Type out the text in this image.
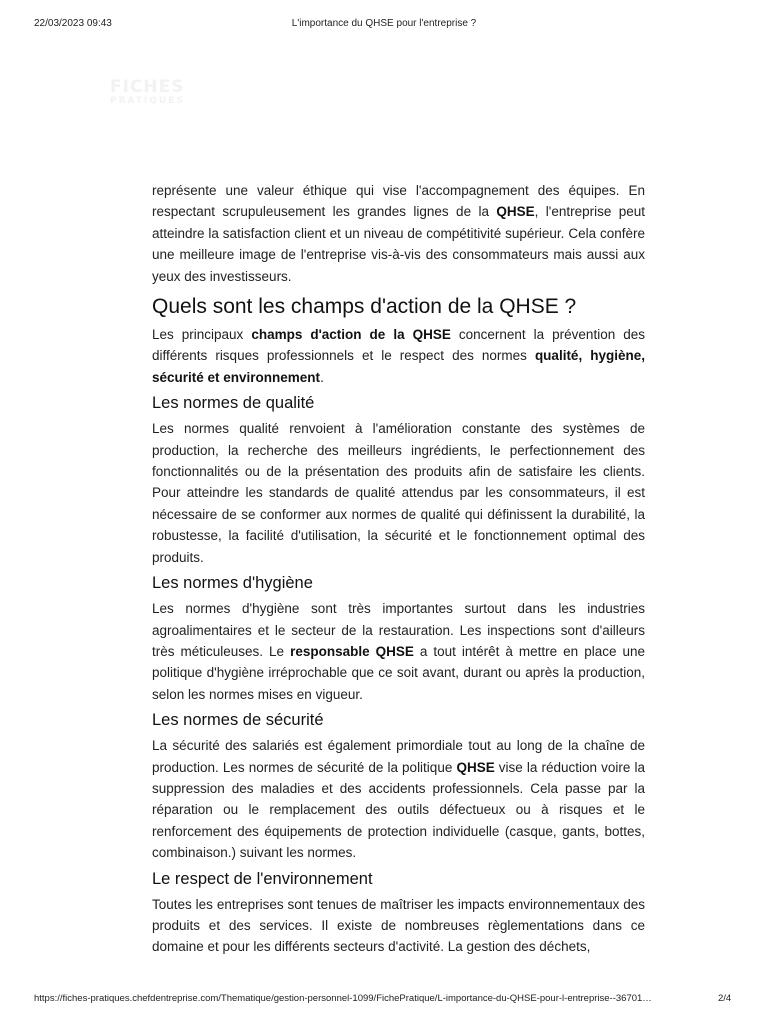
22/03/2023 09:43	L'importance du QHSE pour l'entreprise ?
FICHES
PRATIQUES

représente une valeur éthique qui vise l'accompagnement des équipes. En respectant scrupuleusement les grandes lignes de la QHSE, l'entreprise peut atteindre la satisfaction client et un niveau de compétitivité supérieur. Cela confère une meilleure image de l'entreprise vis-à-vis des consommateurs mais aussi aux yeux des investisseurs.

Quels sont les champs d'action de la QHSE ?

Les principaux champs d'action de la QHSE concernent la prévention des différents risques professionnels et le respect des normes qualité, hygiène, sécurité et environnement.

Les normes de qualité

Les normes qualité renvoient à l'amélioration constante des systèmes de production, la recherche des meilleurs ingrédients, le perfectionnement des fonctionnalités ou de la présentation des produits afin de satisfaire les clients. Pour atteindre les standards de qualité attendus par les consommateurs, il est nécessaire de se conformer aux normes de qualité qui définissent la durabilité, la robustesse, la facilité d'utilisation, la sécurité et le fonctionnement optimal des produits.

Les normes d'hygiène

Les normes d'hygiène sont très importantes surtout dans les industries agroalimentaires et le secteur de la restauration. Les inspections sont d'ailleurs très méticuleuses. Le responsable QHSE a tout intérêt à mettre en place une politique d'hygiène irréprochable que ce soit avant, durant ou après la production, selon les normes mises en vigueur.

Les normes de sécurité

La sécurité des salariés est également primordiale tout au long de la chaîne de production. Les normes de sécurité de la politique QHSE vise la réduction voire la suppression des maladies et des accidents professionnels. Cela passe par la réparation ou le remplacement des outils défectueux ou à risques et le renforcement des équipements de protection individuelle (casque, gants, bottes, combinaison.) suivant les normes.

Le respect de l'environnement

Toutes les entreprises sont tenues de maîtriser les impacts environnementaux des produits et des services. Il existe de nombreuses règlementations dans ce domaine et pour les différents secteurs d'activité. La gestion des déchets,

https://fiches-pratiques.chefdentreprise.com/Thematique/gestion-personnel-1099/FichePratique/L-importance-du-QHSE-pour-l-entreprise--36701…	2/4
